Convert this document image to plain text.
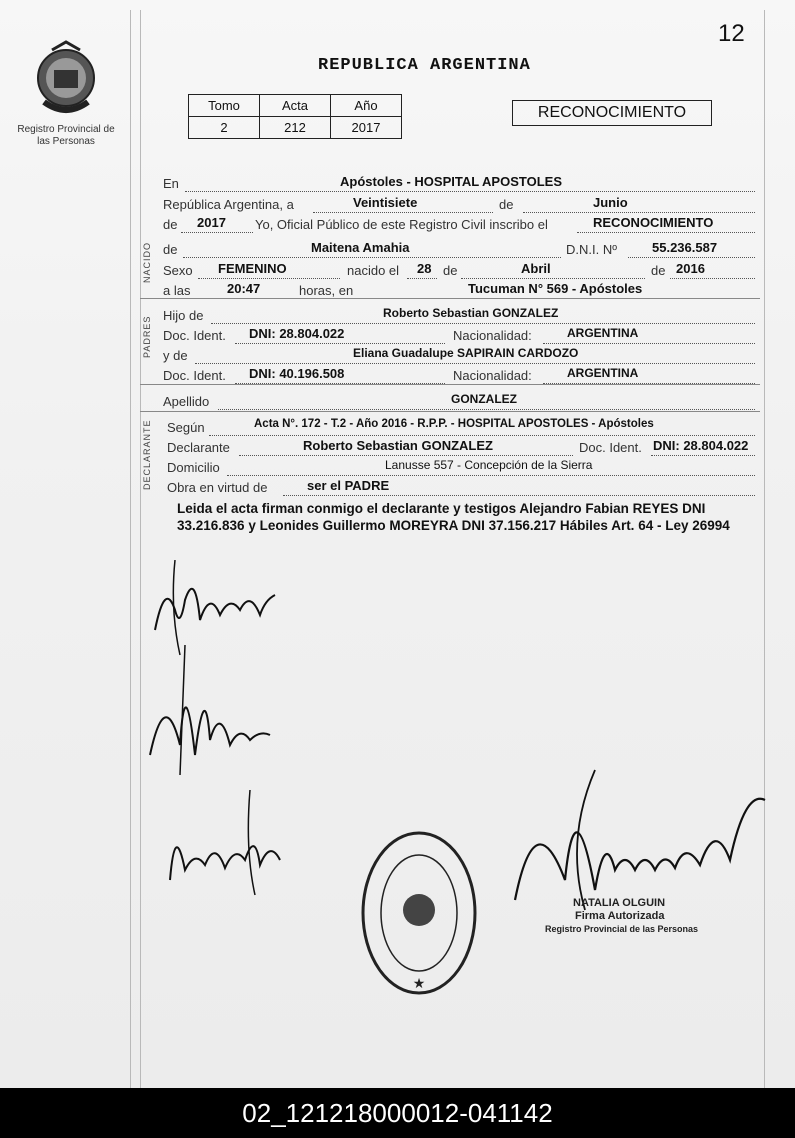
12
Registro Provincial de las Personas
REPUBLICA ARGENTINA
Tomo	Acta	Año
2	212	2017
RECONOCIMIENTO
En	Apóstoles - HOSPITAL APOSTOLES
República Argentina, a	Veintisiete	de	Junio
de 2017 Yo, Oficial Público de este Registro Civil inscribo el	RECONOCIMIENTO
NACIDO de	Maitena Amahia	D.N.I. Nº	55.236.587
Sexo FEMENINO	nacido el 28 de	Abril	de 2016
a las	20:47	horas, en	Tucuman N° 569 - Apóstoles
PADRES
Hijo de	Roberto Sebastian GONZALEZ
Doc. Ident. DNI: 28.804.022	Nacionalidad:	ARGENTINA
y de	Eliana Guadalupe SAPIRAIN CARDOZO
Doc. Ident. DNI: 40.196.508	Nacionalidad:	ARGENTINA
Apellido	GONZALEZ
DECLARANTE Según	Acta N°. 172 - T.2 - Año 2016 - R.P.P. - HOSPITAL APOSTOLES - Apóstoles
Declarante	Roberto Sebastian GONZALEZ	Doc. Ident. DNI: 28.804.022
Domicilio	Lanusse 557 - Concepción de la Sierra
Obra en virtud de	ser el PADRE
Leida el acta firman conmigo el declarante y testigos Alejandro Fabian REYES DNI 33.216.836 y Leonides Guillermo MOREYRA DNI 37.156.217 Hábiles Art. 64 - Ley 26994
★
NATALIA OLGUIN
Firma Autorizada
Registro Provincial de las Personas
02_121218000012-041142
